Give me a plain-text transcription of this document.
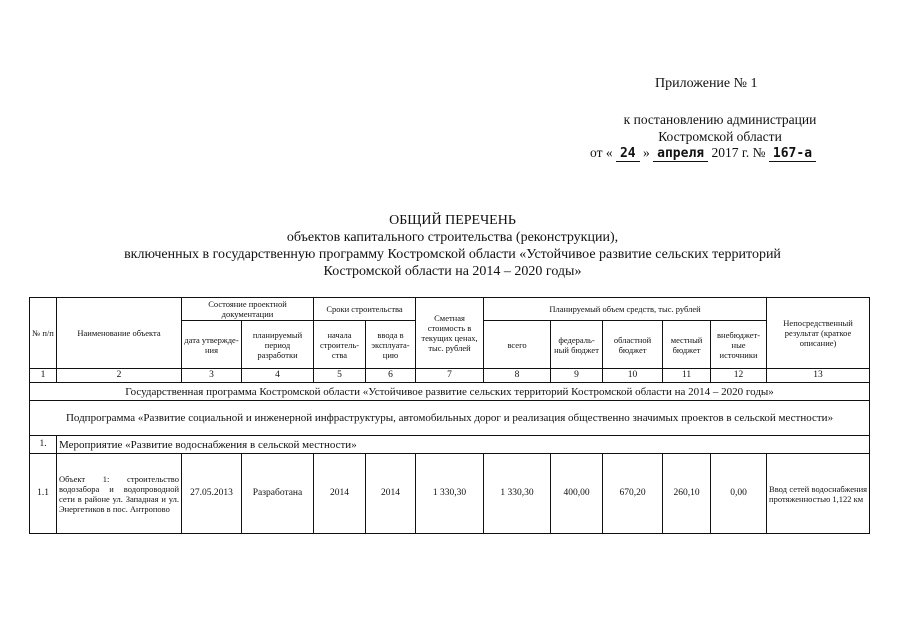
Приложение № 1
к постановлению администрации
Костромской области
от « 24 » апреля 2017 г. № 167-а
ОБЩИЙ ПЕРЕЧЕНЬ
объектов капитального строительства (реконструкции),
включенных в государственную программу Костромской области «Устойчивое развитие сельских территорий
Костромской области на 2014 – 2020 годы»
№ п/п	Наименование объекта	Состояние проектной документации		Сроки строительства		Сметная стоимость в текущих ценах, тыс. рублей	Планируемый объем средств, тыс. рублей					Непосредственный результат (краткое описание)
		дата утвержде-ния	планируемый период разработки	начала строитель-ства	ввода в эксплуата-цию		всего	федераль-ный бюджет	областной бюджет	местный бюджет	внебюджет-ные источники	
1	2	3	4	5	6	7	8	9	10	11	12	13
Государственная программа Костромской области «Устойчивое развитие сельских территорий Костромской области на 2014 – 2020 годы»												
Подпрограмма «Развитие социальной и инженерной инфраструктуры, автомобильных дорог и реализация общественно значимых проектов в сельской местности»												
1.	Мероприятие «Развитие водоснабжения в сельской местности»											
1.1	Объект 1: строительство водозабора и водопроводной сети в районе ул. Западная и ул. Энергетиков в пос. Антропово	27.05.2013	Разработана	2014	2014	1 330,30	1 330,30	400,00	670,20	260,10	0,00	Ввод сетей водоснабжения протяженностью 1,122 км
